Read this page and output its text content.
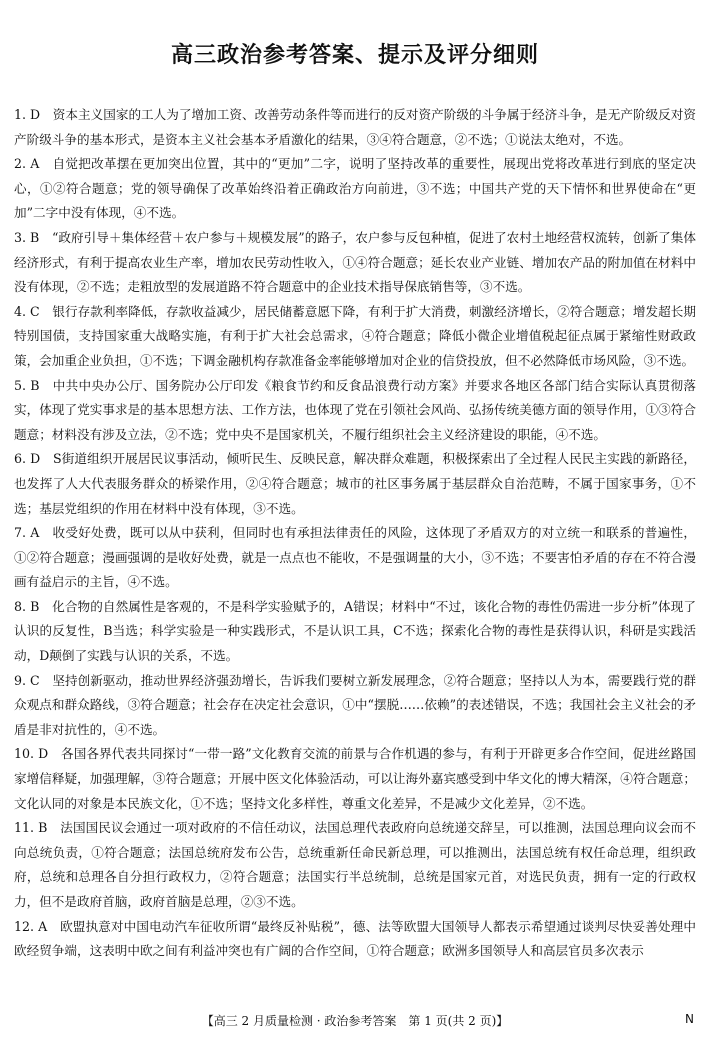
高三政治参考答案、提示及评分细则

1. D　资本主义国家的工人为了增加工资、改善劳动条件等而进行的反对资产阶级的斗争属于经济斗争，是无产阶级反对资产阶级斗争的基本形式，是资本主义社会基本矛盾激化的结果，③④符合题意，②不选；①说法太绝对，不选。

2. A　自觉把改革摆在更加突出位置，其中的“更加”二字，说明了坚持改革的重要性，展现出党将改革进行到底的坚定决心，①②符合题意；党的领导确保了改革始终沿着正确政治方向前进，③不选；中国共产党的天下情怀和世界使命在“更加”二字中没有体现，④不选。

3. B　“政府引导＋集体经营＋农户参与＋规模发展”的路子，农户参与反包种植，促进了农村土地经营权流转，创新了集体经济形式，有利于提高农业生产率，增加农民劳动性收入，①④符合题意；延长农业产业链、增加农产品的附加值在材料中没有体现，②不选；走粗放型的发展道路不符合题意中的企业技术指导保底销售等，③不选。

4. C　银行存款利率降低，存款收益减少，居民储蓄意愿下降，有利于扩大消费，刺激经济增长，②符合题意；增发超长期特别国债，支持国家重大战略实施，有利于扩大社会总需求，④符合题意；降低小微企业增值税起征点属于紧缩性财政政策，会加重企业负担，①不选；下调金融机构存款准备金率能够增加对企业的信贷投放，但不必然降低市场风险，③不选。

5. B　中共中央办公厅、国务院办公厅印发《粮食节约和反食品浪费行动方案》并要求各地区各部门结合实际认真贯彻落实，体现了党实事求是的基本思想方法、工作方法，也体现了党在引领社会风尚、弘扬传统美德方面的领导作用，①③符合题意；材料没有涉及立法，②不选；党中央不是国家机关，不履行组织社会主义经济建设的职能，④不选。

6. D　S街道组织开展居民议事活动，倾听民生、反映民意，解决群众难题，积极探索出了全过程人民民主实践的新路径，也发挥了人大代表服务群众的桥梁作用，②④符合题意；城市的社区事务属于基层群众自治范畴，不属于国家事务，①不选；基层党组织的作用在材料中没有体现，③不选。

7. A　收受好处费，既可以从中获利，但同时也有承担法律责任的风险，这体现了矛盾双方的对立统一和联系的普遍性，①②符合题意；漫画强调的是收好处费，就是一点点也不能收，不是强调量的大小，③不选；不要害怕矛盾的存在不符合漫画有益启示的主旨，④不选。

8. B　化合物的自然属性是客观的，不是科学实验赋予的，A错误；材料中“不过，该化合物的毒性仍需进一步分析”体现了认识的反复性，B当选；科学实验是一种实践形式，不是认识工具，C不选；探索化合物的毒性是获得认识，科研是实践活动，D颠倒了实践与认识的关系，不选。

9. C　坚持创新驱动，推动世界经济强劲增长，告诉我们要树立新发展理念，②符合题意；坚持以人为本，需要践行党的群众观点和群众路线，③符合题意；社会存在决定社会意识，①中“摆脱……依赖”的表述错误，不选；我国社会主义社会的矛盾是非对抗性的，④不选。

10. D　各国各界代表共同探讨“一带一路”文化教育交流的前景与合作机遇的参与，有利于开辟更多合作空间，促进丝路国家增信释疑，加强理解，③符合题意；开展中医文化体验活动，可以让海外嘉宾感受到中华文化的博大精深，④符合题意；文化认同的对象是本民族文化，①不选；坚持文化多样性，尊重文化差异，不是减少文化差异，②不选。

11. B　法国国民议会通过一项对政府的不信任动议，法国总理代表政府向总统递交辞呈，可以推测，法国总理向议会而不向总统负责，①符合题意；法国总统府发布公告，总统重新任命民新总理，可以推测出，法国总统有权任命总理，组织政府，总统和总理各自分担行政权力，②符合题意；法国实行半总统制，总统是国家元首，对选民负责，拥有一定的行政权力，但不是政府首脑，政府首脑是总理，②③不选。

12. A　欧盟执意对中国电动汽车征收所谓“最终反补贴税”，德、法等欧盟大国领导人都表示希望通过谈判尽快妥善处理中欧经贸争端，这表明中欧之间有利益冲突也有广阔的合作空间，①符合题意；欧洲多国领导人和高层官员多次表示

【高三 2 月质量检测 · 政治参考答案　第 1 页(共 2 页)】	N
